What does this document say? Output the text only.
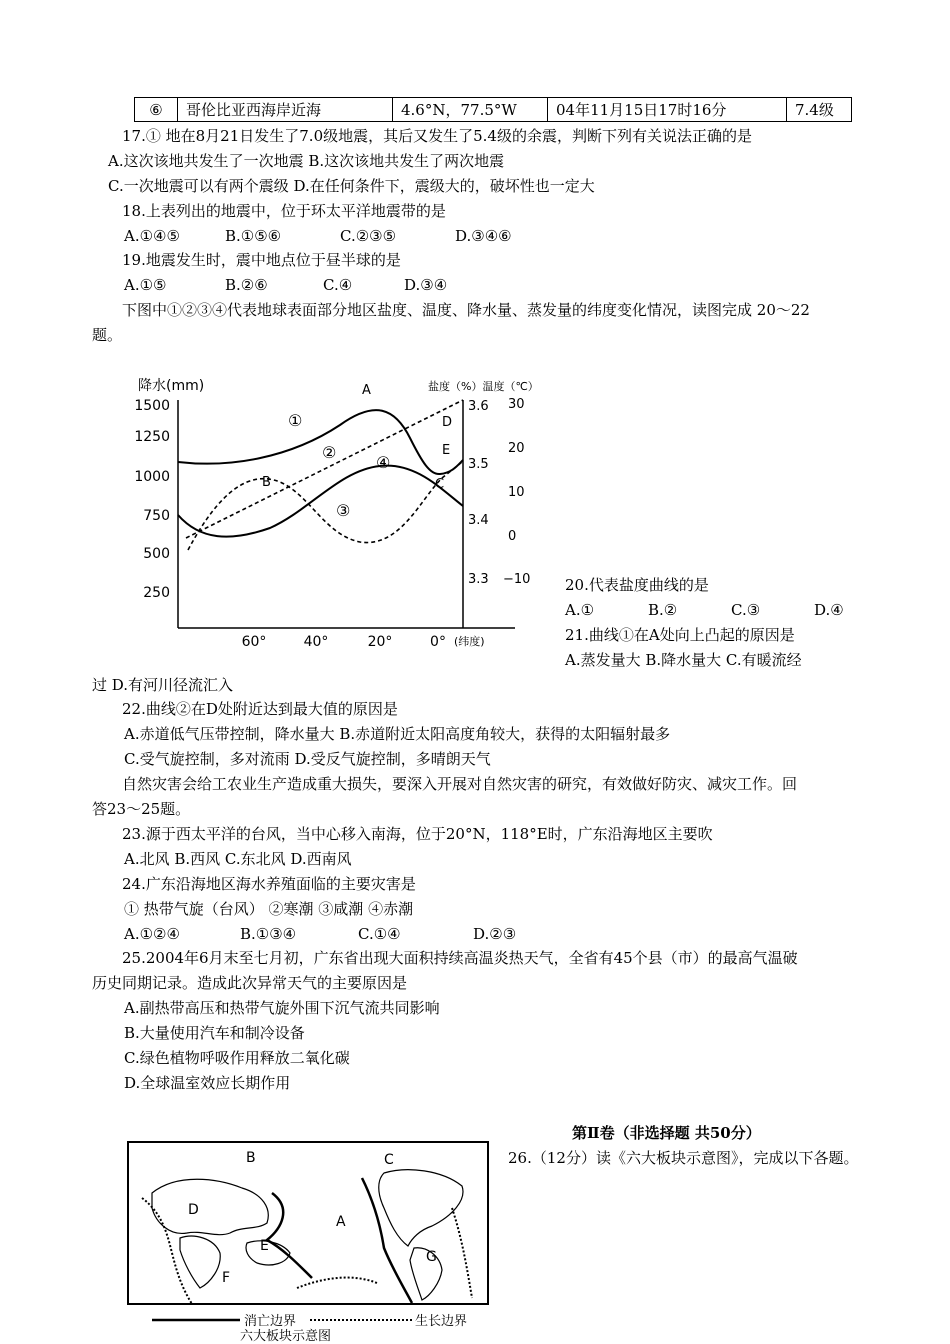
⑥	哥伦比亚西海岸近海	4.6°N，77.5°W	04年11月15日17时16分	7.4级
17.① 地在8月21日发生了7.0级地震，其后又发生了5.4级的余震，判断下列有关说法正确的是
A.这次该地共发生了一次地震 B.这次该地共发生了两次地震
C.一次地震可以有两个震级 D.在任何条件下，震级大的，破坏性也一定大
18.上表列出的地震中，位于环太平洋地震带的是
A.①④⑤	B.①⑤⑥	C.②③⑤	D.③④⑥
19.地震发生时，震中地点位于昼半球的是
A.①⑤	B.②⑥	C.④	D.③④
下图中①②③④代表地球表面部分地区盐度、温度、降水量、蒸发量的纬度变化情况，读图完成 20～22
题。
降水(mm)	盐度（%）温度（℃）
1500
1250
1000
750
500
250
3.6
3.5
3.4
3.3
30
20
10
0
−10
60°	40°	20°	0° (纬度)
①
②
③
④
A
B	C
D
E
20.代表盐度曲线的是
A.①	B.②	C.③	D.④
21.曲线①在A处向上凸起的原因是
A.蒸发量大 B.降水量大 C.有暖流经
过 D.有河川径流汇入
22.曲线②在D处附近达到最大值的原因是
A.赤道低气压带控制，降水量大 B.赤道附近太阳高度角较大，获得的太阳辐射最多
C.受气旋控制，多对流雨 D.受反气旋控制，多晴朗天气
自然灾害会给工农业生产造成重大损失，要深入开展对自然灾害的研究，有效做好防灾、减灾工作。回
答23～25题。
23.源于西太平洋的台风，当中心移入南海，位于20°N，118°E时，广东沿海地区主要吹
A.北风 B.西风 C.东北风 D.西南风
24.广东沿海地区海水养殖面临的主要灾害是
① 热带气旋（台风） ②寒潮 ③咸潮 ④赤潮
A.①②④	B.①③④	C.①④	D.②③
25.2004年6月末至七月初，广东省出现大面积持续高温炎热天气，全省有45个县（市）的最高气温破
历史同期记录。造成此次异常天气的主要原因是
A.副热带高压和热带气旋外围下沉气流共同影响
B.大量使用汽车和制冷设备
C.绿色植物呼吸作用释放二氧化碳
D.全球温室效应长期作用
第Ⅱ卷（非选择题 共50分）
26.（12分）读《六大板块示意图》，完成以下各题。
A
B	C
D
E
F
G
消亡边界	生长边界
六大板块示意图
